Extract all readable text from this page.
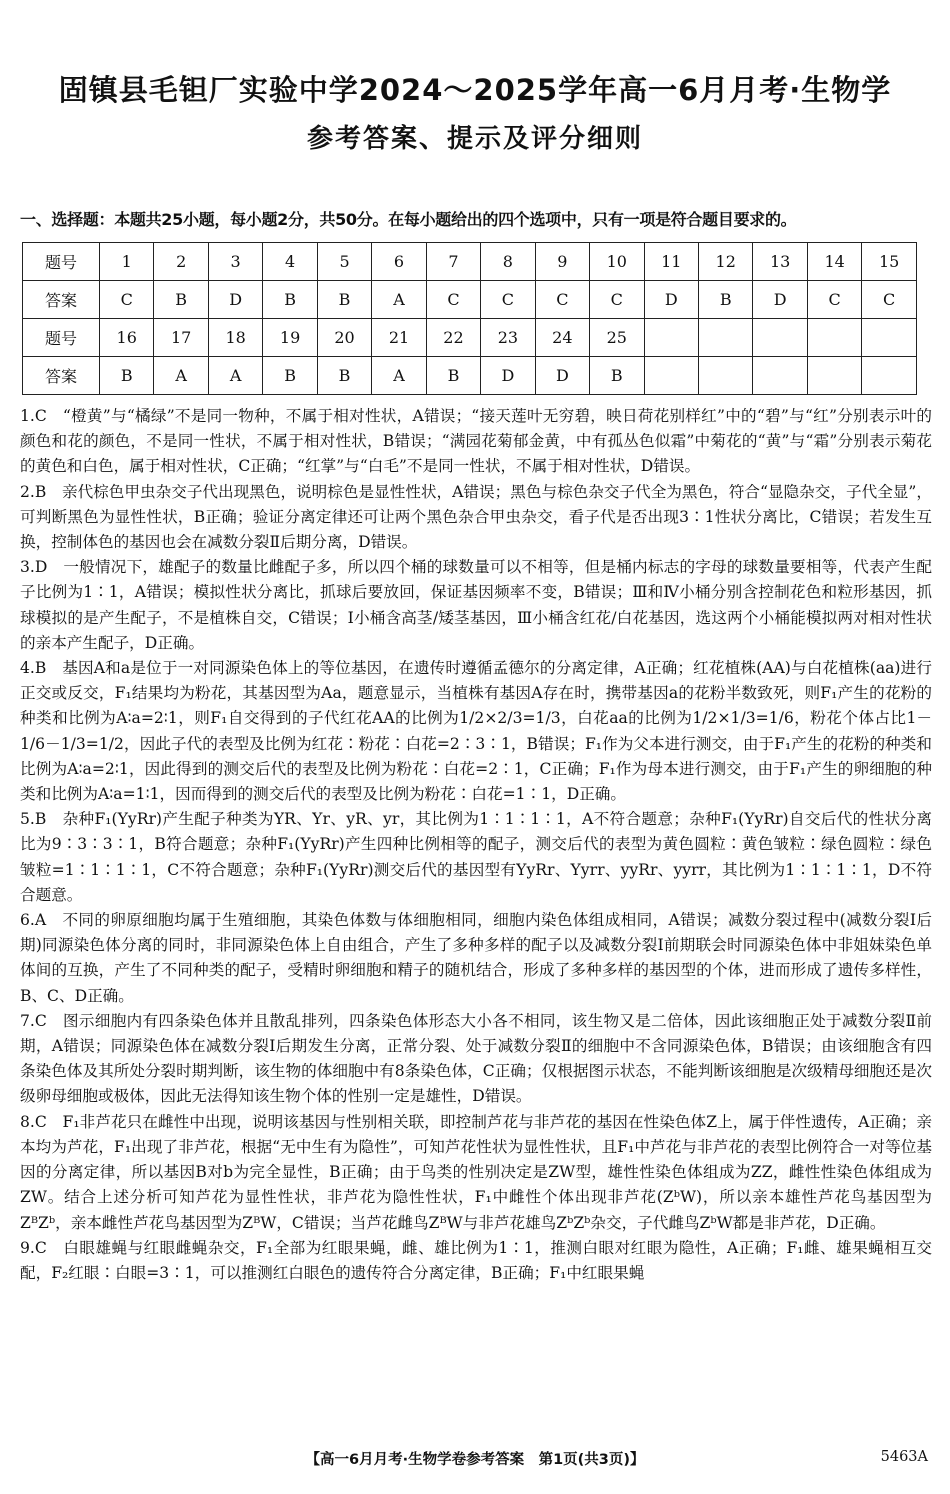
固镇县毛钽厂实验中学2024～2025学年高一6月月考·生物学
参考答案、提示及评分细则
一、选择题：本题共25小题，每小题2分，共50分。在每小题给出的四个选项中，只有一项是符合题目要求的。
题号	1	2	3	4	5	6	7	8	9	10	11	12	13	14	15
答案	C	B	D	B	B	A	C	C	C	C	D	B	D	C	C
题号	16	17	18	19	20	21	22	23	24	25					
答案	B	A	A	B	B	A	B	D	D	B					

1.C　“橙黄”与“橘绿”不是同一物种，不属于相对性状，A错误；“接天莲叶无穷碧，映日荷花别样红”中的“碧”与“红”分别表示叶的颜色和花的颜色，不是同一性状，不属于相对性状，B错误；“满园花菊郁金黄，中有孤丛色似霜”中菊花的“黄”与“霜”分别表示菊花的黄色和白色，属于相对性状，C正确；“红掌”与“白毛”不是同一性状，不属于相对性状，D错误。

2.B　亲代棕色甲虫杂交子代出现黑色，说明棕色是显性性状，A错误；黑色与棕色杂交子代全为黑色，符合“显隐杂交，子代全显”，可判断黑色为显性性状，B正确；验证分离定律还可让两个黑色杂合甲虫杂交，看子代是否出现3∶1性状分离比，C错误；若发生互换，控制体色的基因也会在减数分裂Ⅱ后期分离，D错误。

3.D　一般情况下，雄配子的数量比雌配子多，所以四个桶的球数量可以不相等，但是桶内标志的字母的球数量要相等，代表产生配子比例为1∶1，A错误；模拟性状分离比，抓球后要放回，保证基因频率不变，B错误；Ⅲ和Ⅳ小桶分别含控制花色和粒形基因，抓球模拟的是产生配子，不是植株自交，C错误；Ⅰ小桶含高茎/矮茎基因，Ⅲ小桶含红花/白花基因，选这两个小桶能模拟两对相对性状的亲本产生配子，D正确。

4.B　基因A和a是位于一对同源染色体上的等位基因，在遗传时遵循孟德尔的分离定律，A正确；红花植株(AA)与白花植株(aa)进行正交或反交，F₁结果均为粉花，其基因型为Aa，题意显示，当植株有基因A存在时，携带基因a的花粉半数致死，则F₁产生的花粉的种类和比例为A∶a=2∶1，则F₁自交得到的子代红花AA的比例为1/2×2/3=1/3，白花aa的比例为1/2×1/3=1/6，粉花个体占比1－1/6－1/3=1/2，因此子代的表型及比例为红花∶粉花∶白花=2∶3∶1，B错误；F₁作为父本进行测交，由于F₁产生的花粉的种类和比例为A∶a=2∶1，因此得到的测交后代的表型及比例为粉花∶白花=2∶1，C正确；F₁作为母本进行测交，由于F₁产生的卵细胞的种类和比例为A∶a=1∶1，因而得到的测交后代的表型及比例为粉花∶白花=1∶1，D正确。

5.B　杂种F₁(YyRr)产生配子种类为YR、Yr、yR、yr，其比例为1∶1∶1∶1，A不符合题意；杂种F₁(YyRr)自交后代的性状分离比为9∶3∶3∶1，B符合题意；杂种F₁(YyRr)产生四种比例相等的配子，测交后代的表型为黄色圆粒∶黄色皱粒∶绿色圆粒∶绿色皱粒=1∶1∶1∶1，C不符合题意；杂种F₁(YyRr)测交后代的基因型有YyRr、Yyrr、yyRr、yyrr，其比例为1∶1∶1∶1，D不符合题意。

6.A　不同的卵原细胞均属于生殖细胞，其染色体数与体细胞相同，细胞内染色体组成相同，A错误；减数分裂过程中(减数分裂Ⅰ后期)同源染色体分离的同时，非同源染色体上自由组合，产生了多种多样的配子以及减数分裂Ⅰ前期联会时同源染色体中非姐妹染色单体间的互换，产生了不同种类的配子，受精时卵细胞和精子的随机结合，形成了多种多样的基因型的个体，进而形成了遗传多样性，B、C、D正确。

7.C　图示细胞内有四条染色体并且散乱排列，四条染色体形态大小各不相同，该生物又是二倍体，因此该细胞正处于减数分裂Ⅱ前期，A错误；同源染色体在减数分裂Ⅰ后期发生分离，正常分裂、处于减数分裂Ⅱ的细胞中不含同源染色体，B错误；由该细胞含有四条染色体及其所处分裂时期判断，该生物的体细胞中有8条染色体，C正确；仅根据图示状态，不能判断该细胞是次级精母细胞还是次级卵母细胞或极体，因此无法得知该生物个体的性别一定是雄性，D错误。

8.C　F₁非芦花只在雌性中出现，说明该基因与性别相关联，即控制芦花与非芦花的基因在性染色体Z上，属于伴性遗传，A正确；亲本均为芦花，F₁出现了非芦花，根据“无中生有为隐性”，可知芦花性状为显性性状，且F₁中芦花与非芦花的表型比例符合一对等位基因的分离定律，所以基因B对b为完全显性，B正确；由于鸟类的性别决定是ZW型，雄性性染色体组成为ZZ，雌性性染色体组成为ZW。结合上述分析可知芦花为显性性状，非芦花为隐性性状，F₁中雌性个体出现非芦花(ZᵇW)，所以亲本雄性芦花鸟基因型为ZᴮZᵇ，亲本雌性芦花鸟基因型为ZᴮW，C错误；当芦花雌鸟ZᴮW与非芦花雄鸟ZᵇZᵇ杂交，子代雌鸟ZᵇW都是非芦花，D正确。

9.C　白眼雄蝇与红眼雌蝇杂交，F₁全部为红眼果蝇，雌、雄比例为1∶1，推测白眼对红眼为隐性，A正确；F₁雌、雄果蝇相互交配，F₂红眼∶白眼=3∶1，可以推测红白眼色的遗传符合分离定律，B正确；F₁中红眼果蝇

【高一6月月考·生物学卷参考答案　第1页(共3页)】	5463A
